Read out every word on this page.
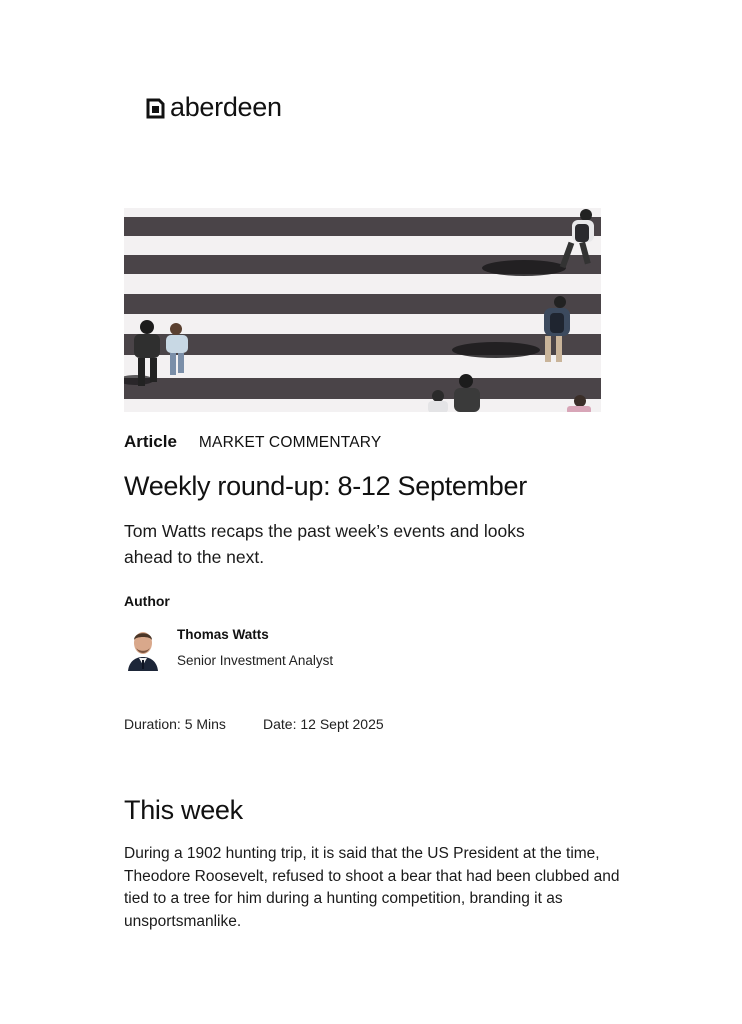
aberdeen
Article MARKET COMMENTARY
Weekly round-up: 8-12 September

Tom Watts recaps the past week’s events and looks ahead to the next.

Author
Thomas Watts
Senior Investment Analyst
Duration: 5 Mins	Date: 12 Sept 2025
This week

During a 1902 hunting trip, it is said that the US President at the time, Theodore Roosevelt, refused to shoot a bear that had been clubbed and tied to a tree for him during a hunting competition, branding it as unsportsmanlike.
